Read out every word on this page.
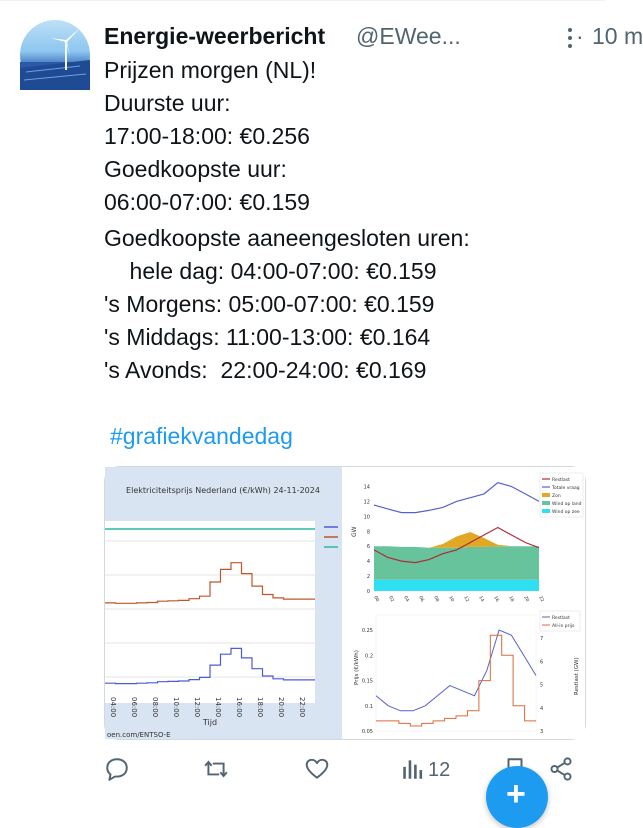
Energie-weerbericht @EWee...	· 10 m
Prijzen morgen (NL)!
Duurste uur:
17:00-18:00: €0.256
Goedkoopste uur:
06:00-07:00: €0.159
Goedkoopste aaneengesloten uren:
hele dag: 04:00-07:00: €0.159
's Morgens: 05:00-07:00: €0.159
's Middags: 11:00-13:00: €0.164
's Avonds:  22:00-24:00: €0.169
#grafiekvandedag
Elektriciteitsprijs Nederland (€/kWh) 24-11-2024
04:00 06:00 08:00 10:00 12:00 14:00 16:00 18:00 20:00 22:00
Tijd
oen.com/ENTSO-E
0
2
4
6
8
10
12
14
00 02 04 06 08 10 12 14 16 18 20 22
GW
Restlast
Totale vraag
Zon
Wind op land
Wind op zee
0.05
0.1
0.15
0.2
0.25
3
4
5
6
7
Prijs (€/kWh)	Restlast (GW)
Restlast
All-in prijs
12
+
